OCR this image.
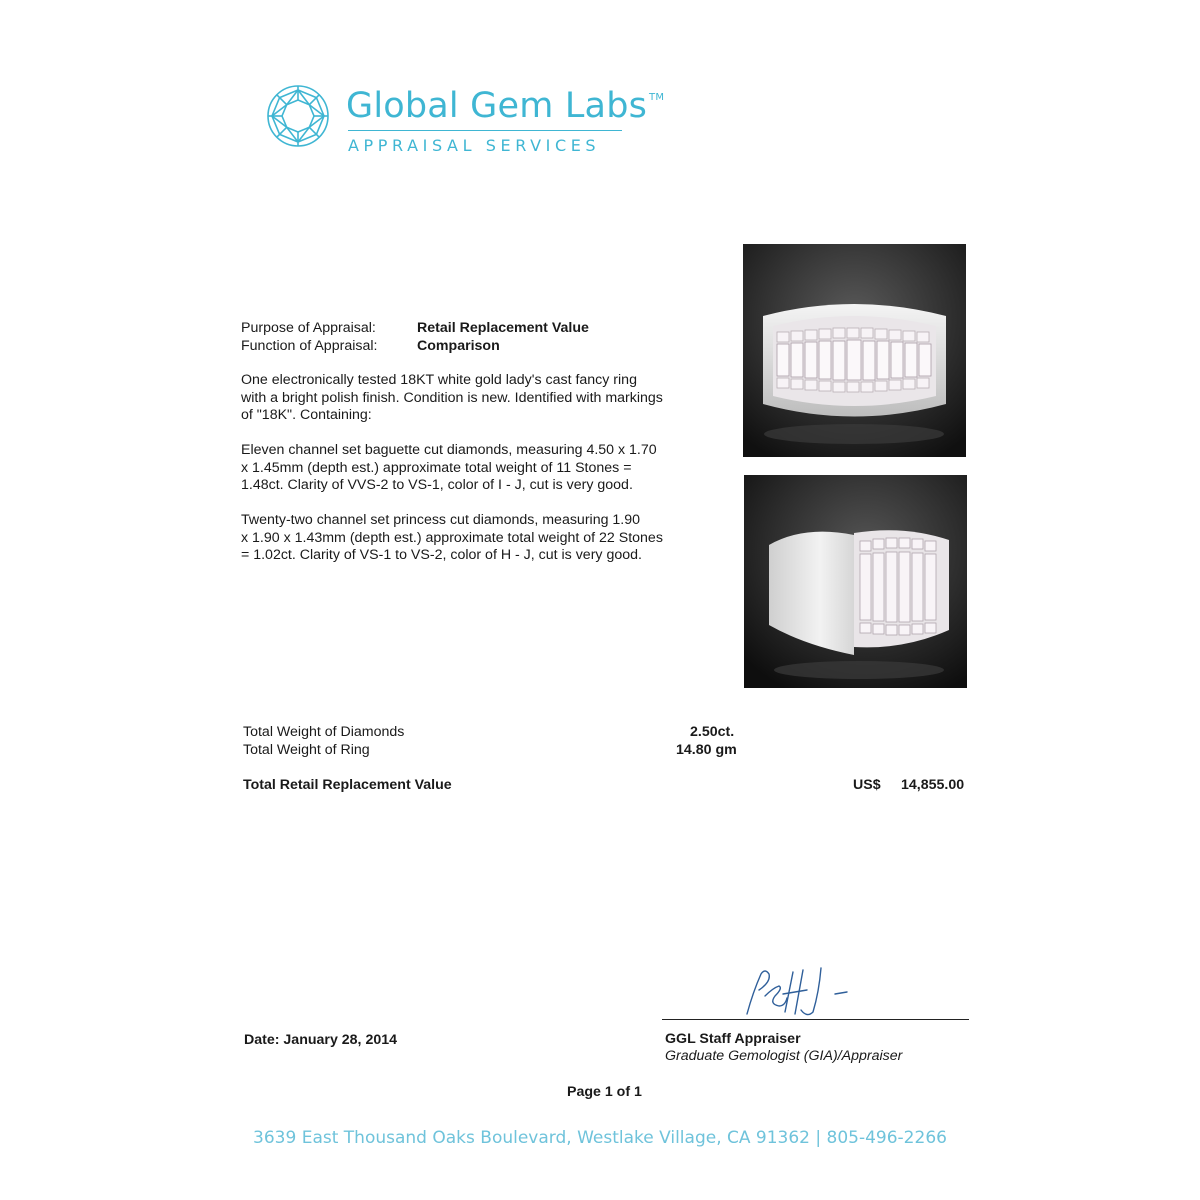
Global Gem Labs ™
APPRAISAL SERVICES
Purpose of Appraisal:	Retail Replacement Value
Function of Appraisal:	Comparison
One electronically tested 18KT white gold lady's cast fancy ring
with a bright polish finish. Condition is new. Identified with markings
of "18K". Containing:
Eleven channel set baguette cut diamonds, measuring 4.50 x 1.70
x 1.45mm (depth est.) approximate total weight of 11 Stones =
1.48ct. Clarity of VVS-2 to VS-1, color of I - J, cut is very good.
Twenty-two channel set princess cut diamonds, measuring 1.90
x 1.90 x 1.43mm (depth est.) approximate total weight of 22 Stones
= 1.02ct. Clarity of VS-1 to VS-2, color of H - J, cut is very good.
Total Weight of Diamonds	2.50ct.
Total Weight of Ring	14.80 gm
Total Retail Replacement Value	US$ 14,855.00
Date: January 28, 2014	GGL Staff Appraiser
Graduate Gemologist (GIA)/Appraiser
Page 1 of 1
3639 East Thousand Oaks Boulevard, Westlake Village, CA 91362 | 805-496-2266
